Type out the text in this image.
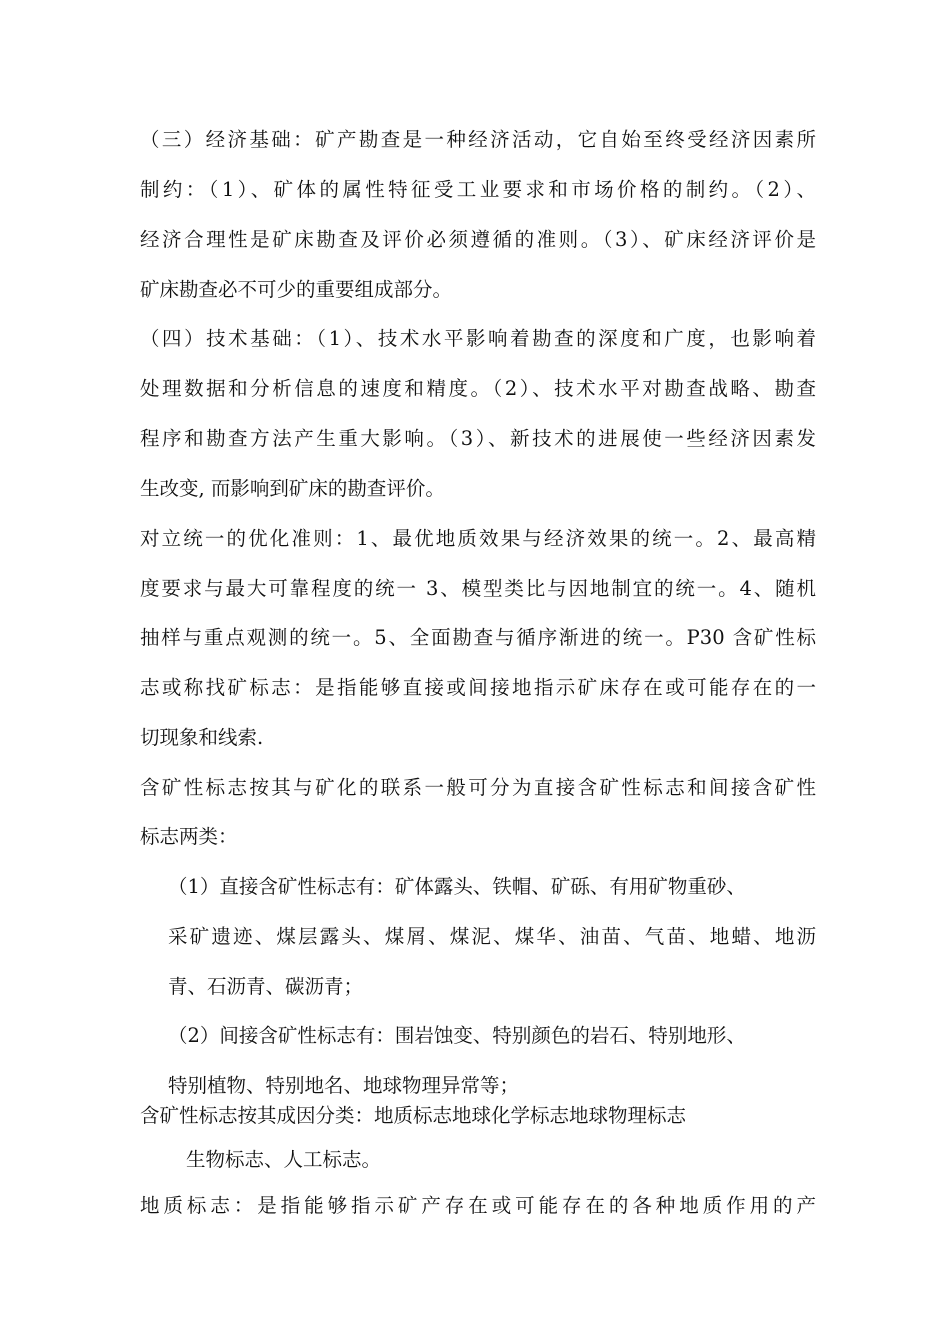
（三）经济基础：矿产勘查是一种经济活动，它自始至终受经济因素所
制约：（1）、矿体的属性特征受工业要求和市场价格的制约。（2）、
经济合理性是矿床勘查及评价必须遵循的准则。（3）、矿床经济评价是
矿床勘查必不可少的重要组成部分。
（四）技术基础：（1）、技术水平影响着勘查的深度和广度，也影响着
处理数据和分析信息的速度和精度。（2）、技术水平对勘查战略、勘查
程序和勘查方法产生重大影响。（3）、新技术的进展使一些经济因素发
生改变, 而影响到矿床的勘查评价。
对立统一的优化准则：1、最优地质效果与经济效果的统一。2、最高精
度要求与最大可靠程度的统一 3、模型类比与因地制宜的统一。4、随机
抽样与重点观测的统一。5、全面勘查与循序渐进的统一。P30 含矿性标
志或称找矿标志：是指能够直接或间接地指示矿床存在或可能存在的一
切现象和线索.
含矿性标志按其与矿化的联系一般可分为直接含矿性标志和间接含矿性
标志两类：
（1）直接含矿性标志有：矿体露头、铁帽、矿砾、有用矿物重砂、
采矿遗迹、煤层露头、煤屑、煤泥、煤华、油苗、气苗、地蜡、地沥
青、石沥青、碳沥青；
（2）间接含矿性标志有：围岩蚀变、特别颜色的岩石、特别地形、
特别植物、特别地名、地球物理异常等；
含矿性标志按其成因分类：地质标志地球化学标志地球物理标志
生物标志、人工标志。
地质标志：是指能够指示矿产存在或可能存在的各种地质作用的产
